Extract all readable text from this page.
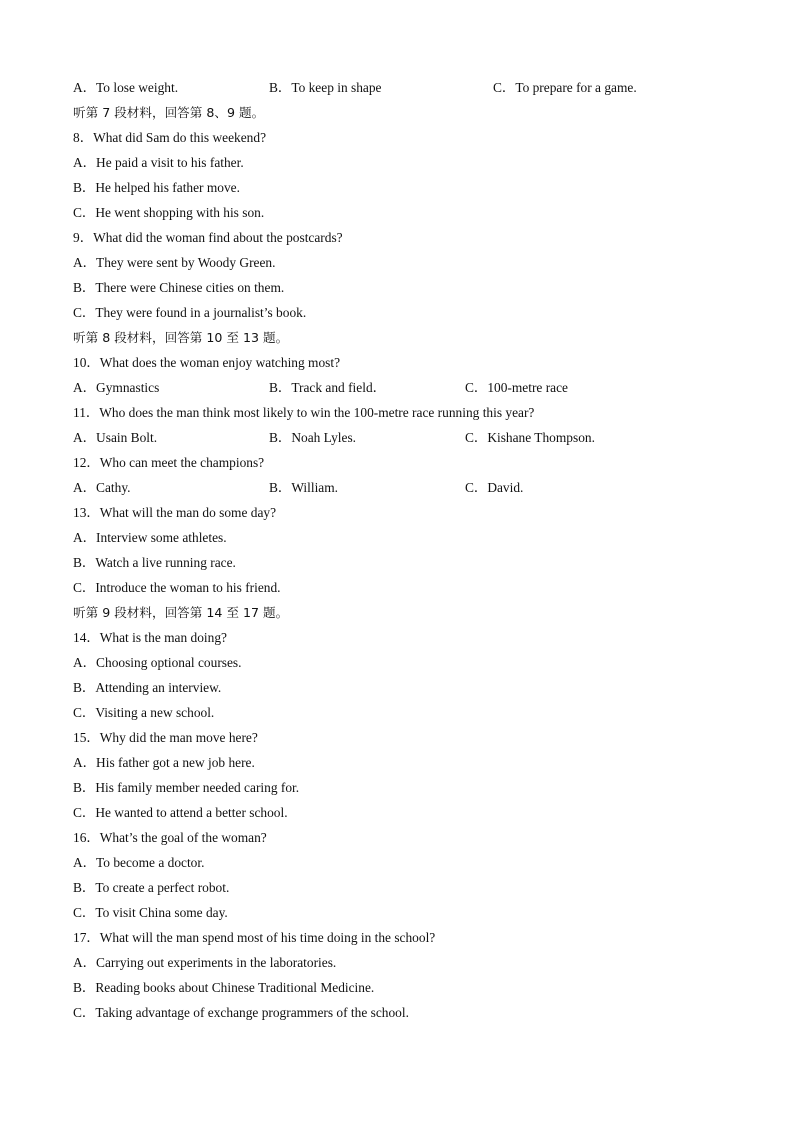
A．To lose weight.	B．To keep in shape	C．To prepare for a game.
听第 7 段材料，回答第 8、9 题。
8．What did Sam do this weekend?
A．He paid a visit to his father.
B．He helped his father move.
C．He went shopping with his son.
9．What did the woman find about the postcards?
A．They were sent by Woody Green.
B．There were Chinese cities on them.
C．They were found in a journalist’s book.
听第 8 段材料，回答第 10 至 13 题。
10．What does the woman enjoy watching most?
A．Gymnastics	B．Track and field．	C．100-metre race
11．Who does the man think most likely to win the 100-metre race running this year?
A．Usain Bolt.	B．Noah Lyles.	C．Kishane Thompson.
12．Who can meet the champions?
A．Cathy.	B．William.	C．David.
13．What will the man do some day?
A．Interview some athletes.
B．Watch a live running race.
C．Introduce the woman to his friend.
听第 9 段材料，回答第 14 至 17 题。
14．What is the man doing?
A．Choosing optional courses.
B．Attending an interview.
C．Visiting a new school.
15．Why did the man move here?
A．His father got a new job here.
B．His family member needed caring for.
C．He wanted to attend a better school.
16．What’s the goal of the woman?
A．To become a doctor.
B．To create a perfect robot.
C．To visit China some day.
17．What will the man spend most of his time doing in the school?
A．Carrying out experiments in the laboratories.
B．Reading books about Chinese Traditional Medicine.
C．Taking advantage of exchange programmers of the school.
